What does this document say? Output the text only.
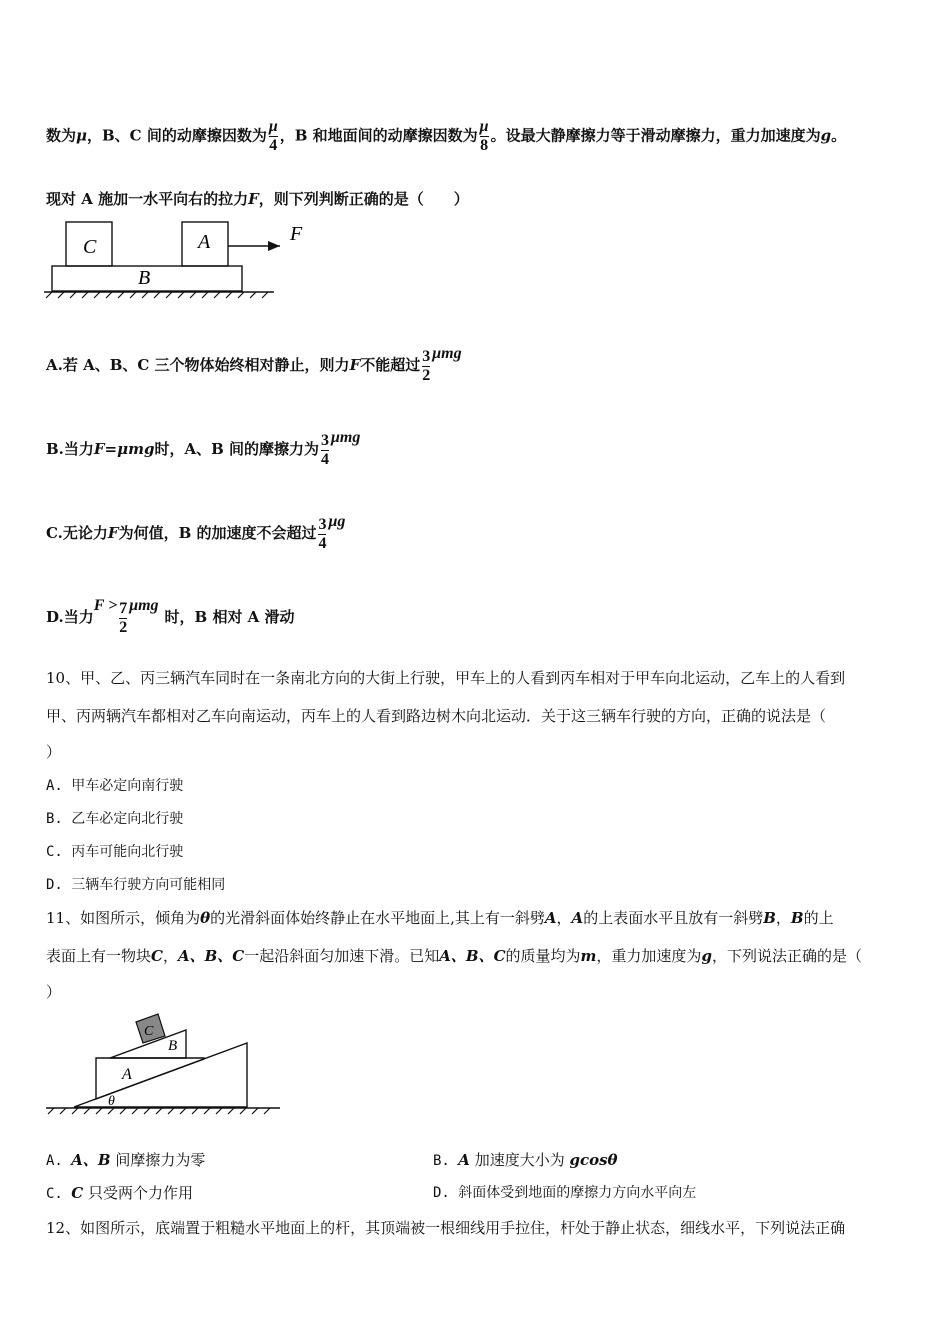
数为μ，B、C 间的动摩擦因数为 $\frac{\mu}{4}$ ，B 和地面间的动摩擦因数为 $\frac{\mu}{8}$ 。设最大静摩擦力等于滑动摩擦力，重力加速度为g。
现对 A 施加一水平向右的拉力F，则下列判断正确的是（　　）
C	A
B
F
A.若 A、B、C 三个物体始终相对静止，则力F不能超过 $\frac{3}{2}$ μmg
B.当力F=μmg时，A、B 间的摩擦力为 $\frac{3}{4}$ μmg
C.无论力F为何值，B 的加速度不会超过 $\frac{3}{4}$ μg
D.当力$F > \frac{7}{2}$ μmg时，B 相对 A 滑动
10、甲、乙、丙三辆汽车同时在一条南北方向的大街上行驶，甲车上的人看到丙车相对于甲车向北运动，乙车上的人看到
甲、丙两辆汽车都相对乙车向南运动，丙车上的人看到路边树木向北运动．关于这三辆车行驶的方向，正确的说法是（
）
A. 甲车必定向南行驶
B. 乙车必定向北行驶
C. 丙车可能向北行驶
D. 三辆车行驶方向可能相同
11、如图所示，倾角为θ的光滑斜面体始终静止在水平地面上,其上有一斜劈A，A的上表面水平且放有一斜劈B，B的上
表面上有一物块C，A、B、C一起沿斜面匀加速下滑。已知A、B、C的质量均为m，重力加速度为g，下列说法正确的是（
）
A
B
C
θ
A. A、B 间摩擦力为零	B. A 加速度大小为 gcosθ
C. C 只受两个力作用	D. 斜面体受到地面的摩擦力方向水平向左
12、如图所示，底端置于粗糙水平地面上的杆，其顶端被一根细线用手拉住，杆处于静止状态，细线水平，下列说法正确
